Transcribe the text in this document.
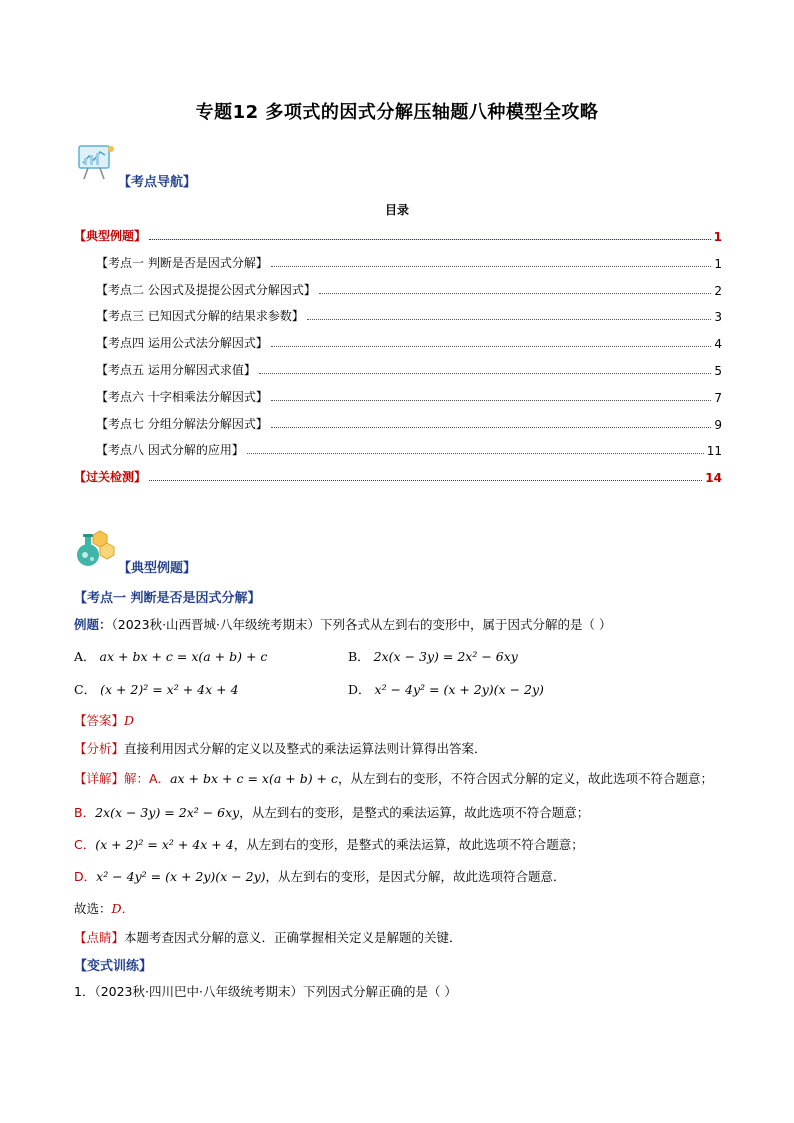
专题12 多项式的因式分解压轴题八种模型全攻略
【考点导航】
目录
【典型例题】	1
【考点一 判断是否是因式分解】	1
【考点二 公因式及提提公因式分解因式】	2
【考点三 已知因式分解的结果求参数】	3
【考点四 运用公式法分解因式】	4
【考点五 运用分解因式求值】	5
【考点六 十字相乘法分解因式】	7
【考点七 分组分解法分解因式】	9
【考点八 因式分解的应用】	11
【过关检测】	14
【典型例题】
【考点一 判断是否是因式分解】
例题：（2023秋·山西晋城·八年级统考期末）下列各式从左到右的变形中，属于因式分解的是（ ）
A． ax + bx + c = x(a + b) + c	B． 2x(x − 3y) = 2x² − 6xy
C． (x + 2)² = x² + 4x + 4	D． x² − 4y² = (x + 2y)(x − 2y)
【答案】D
【分析】直接利用因式分解的定义以及整式的乘法运算法则计算得出答案．
【详解】解：A．ax + bx + c = x(a + b) + c，从左到右的变形，不符合因式分解的定义，故此选项不符合题意；
B．2x(x − 3y) = 2x² − 6xy，从左到右的变形，是整式的乘法运算，故此选项不符合题意；
C．(x + 2)² = x² + 4x + 4，从左到右的变形，是整式的乘法运算，故此选项不符合题意；
D．x² − 4y² = (x + 2y)(x − 2y)，从左到右的变形，是因式分解，故此选项符合题意．
故选：D．
【点睛】本题考查因式分解的意义．正确掌握相关定义是解题的关键．
【变式训练】
1．（2023秋·四川巴中·八年级统考期末）下列因式分解正确的是（ ）
